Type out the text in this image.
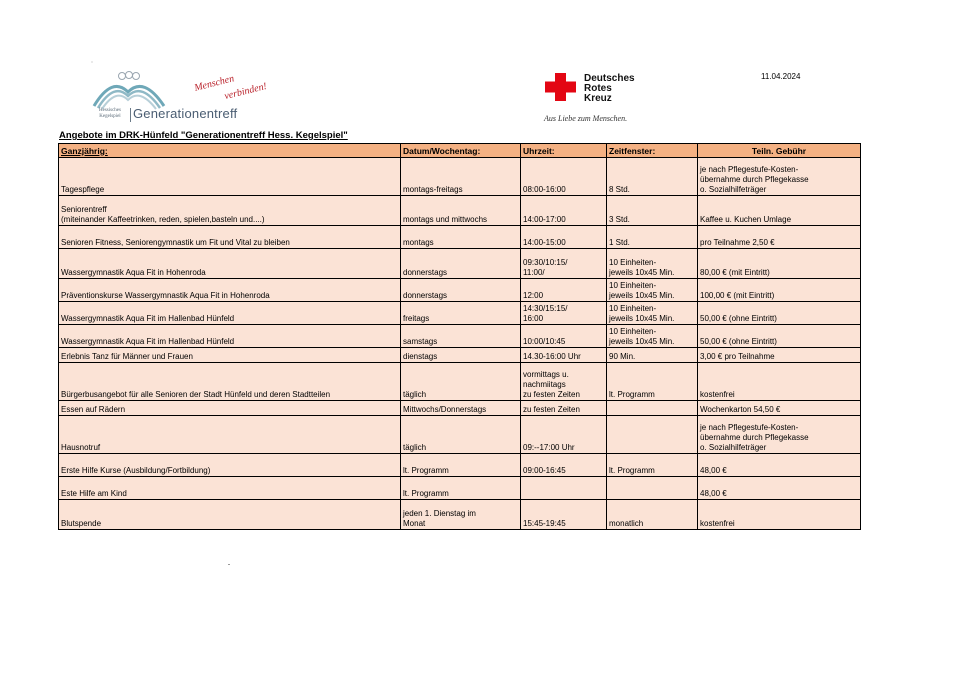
ˈ
Hessisches
Kegelspiel Generationentreff
Menschen
verbinden!
Deutsches
Rotes
Kreuz
Aus Liebe zum Menschen.
11.04.2024
Angebote im DRK-Hünfeld "Generationentreff Hess. Kegelspiel"
Ganzjährig:	Datum/Wochentag:	Uhrzeit:	Zeitfenster:	Teiln. Gebühr
Tagespflege	montags-freitags	08:00-16:00	8 Std.	je nach Pflegestufe-Kosten-
übernahme durch Pflegekasse
o. Sozialhilfeträger
Seniorentreff
(miteinander Kaffeetrinken, reden, spielen,basteln und....)	montags und mittwochs	14:00-17:00	3 Std.	Kaffee u. Kuchen Umlage
Senioren Fitness, Seniorengymnastik um Fit und Vital zu bleiben	montags	14:00-15:00	1 Std.	pro Teilnahme 2,50 €
Wassergymnastik Aqua Fit in Hohenroda	donnerstags	09:30/10:15/
11:00/	10 Einheiten-
jeweils 10x45 Min.	80,00 € (mit Eintritt)
Präventionskurse Wassergymnastik Aqua Fit in Hohenroda	donnerstags	12:00	10 Einheiten-
jeweils 10x45 Min.	100,00 € (mit Eintritt)
Wassergymnastik Aqua Fit im Hallenbad Hünfeld	freitags	14:30/15:15/
16:00	10 Einheiten-
jeweils 10x45 Min.	50,00 € (ohne Eintritt)
Wassergymnastik Aqua Fit im Hallenbad Hünfeld	samstags	10:00/10:45	10 Einheiten-
jeweils 10x45 Min.	50,00 € (ohne Eintritt)
Erlebnis Tanz für Männer und Frauen	dienstags	14.30-16:00 Uhr	90 Min.	3,00 € pro Teilnahme
Bürgerbusangebot für alle Senioren der Stadt Hünfeld und deren Stadtteilen	täglich	vormittags u.
nachmiitags
zu festen Zeiten	lt. Programm	kostenfrei
Essen auf Rädern	Mittwochs/Donnerstags	zu festen Zeiten		Wochenkarton 54,50 €
Hausnotruf	täglich	09:--17:00 Uhr		je nach Pflegestufe-Kosten-
übernahme durch Pflegekasse
o. Sozialhilfeträger
Erste Hilfe Kurse (Ausbildung/Fortbildung)	lt. Programm	09:00-16:45	lt. Programm	48,00 €
Este Hilfe am Kind	lt. Programm			48,00 €
Blutspende	jeden 1. Dienstag im
Monat	15:45-19:45	monatlich	kostenfrei
